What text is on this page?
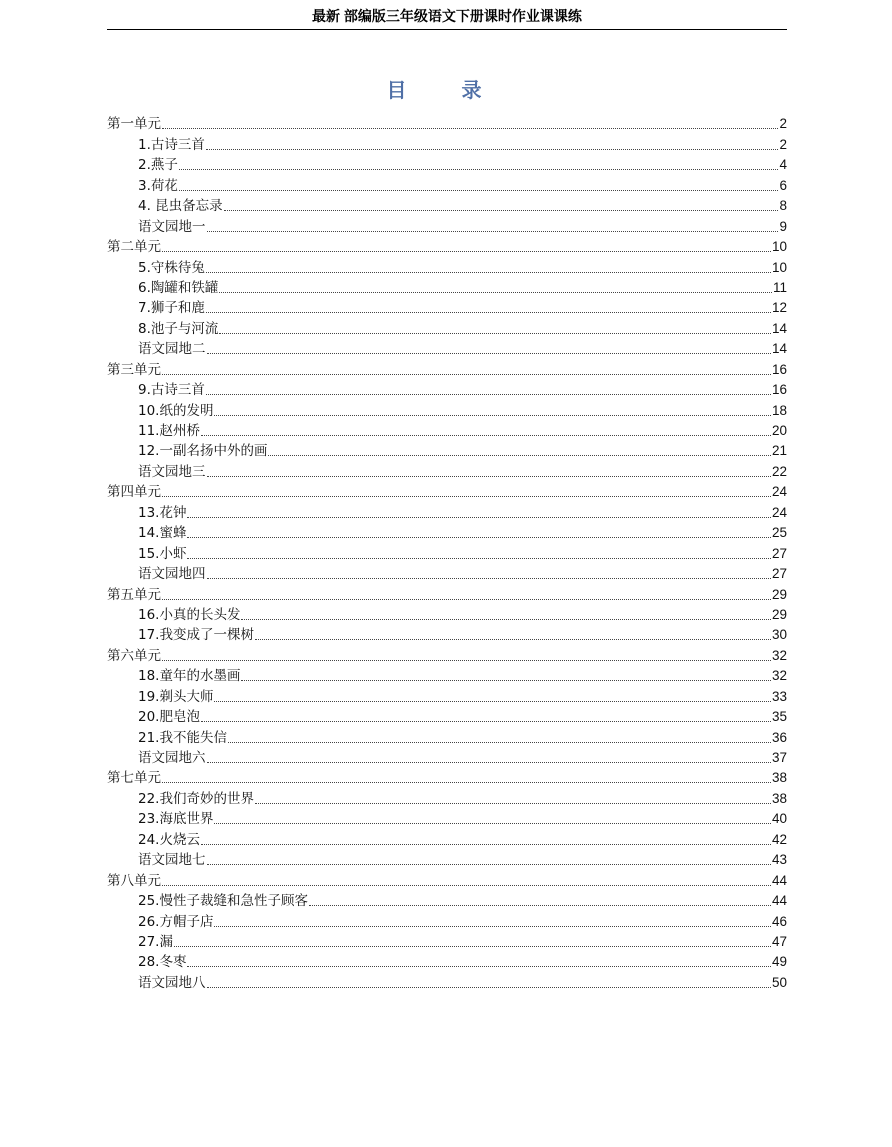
最新 部编版三年级语文下册课时作业课课练
目 录
第一单元	2
1.古诗三首	2
2.燕子	4
3.荷花	6
4. 昆虫备忘录	8
语文园地一	9
第二单元	10
5.守株待兔	10
6.陶罐和铁罐	11
7.狮子和鹿	12
8.池子与河流	14
语文园地二	14
第三单元	16
9.古诗三首	16
10.纸的发明	18
11.赵州桥	20
12.一副名扬中外的画	21
语文园地三	22
第四单元	24
13.花钟	24
14.蜜蜂	25
15.小虾	27
语文园地四	27
第五单元	29
16.小真的长头发	29
17.我变成了一棵树	30
第六单元	32
18.童年的水墨画	32
19.剃头大师	33
20.肥皂泡	35
21.我不能失信	36
语文园地六	37
第七单元	38
22.我们奇妙的世界	38
23.海底世界	40
24.火烧云	42
语文园地七	43
第八单元	44
25.慢性子裁缝和急性子顾客	44
26.方帽子店	46
27.漏	47
28.冬枣	49
语文园地八	50
